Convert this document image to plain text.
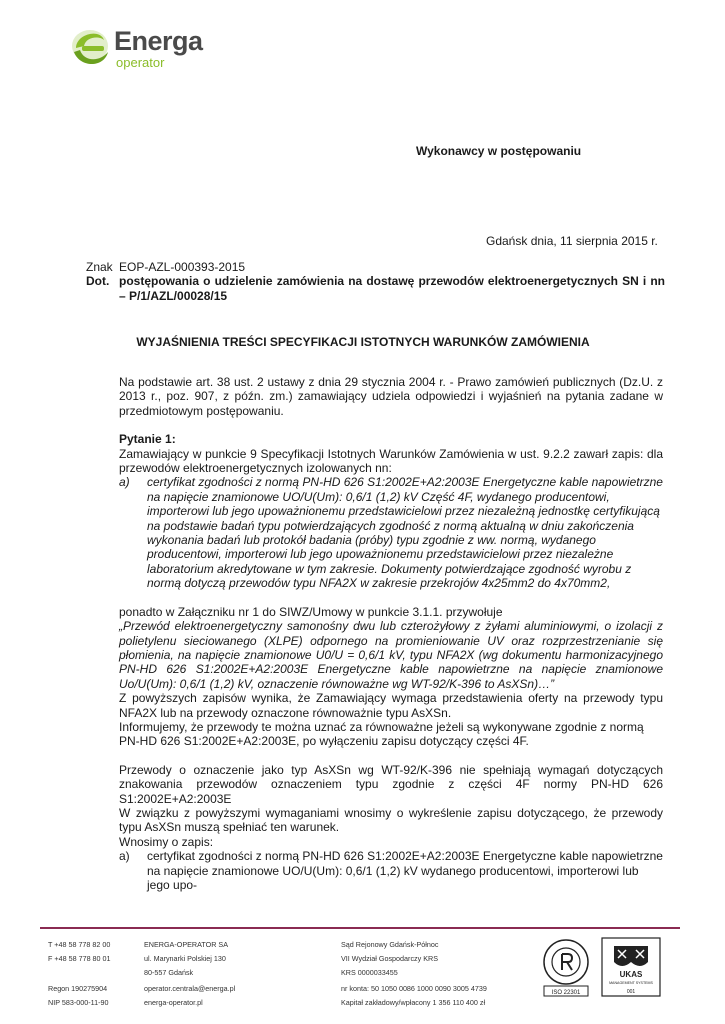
Energa
operator
Wykonawcy w postępowaniu
Gdańsk dnia, 11 sierpnia 2015 r.
Znak EOP-AZL-000393-2015
Dot. postępowania o udzielenie zamówienia na dostawę przewodów elektroenergetycznych SN i nn – P/1/AZL/00028/15
WYJAŚNIENIA TREŚCI SPECYFIKACJI ISTOTNYCH WARUNKÓW ZAMÓWIENIA

Na podstawie art. 38 ust. 2 ustawy z dnia 29 stycznia 2004 r. - Prawo zamówień publicznych (Dz.U. z 2013 r., poz. 907, z późn. zm.) zamawiający udziela odpowiedzi i wyjaśnień na pytania zadane w przedmiotowym postępowaniu.

Pytanie 1:

Zamawiający w punkcie 9 Specyfikacji Istotnych Warunków Zamówienia w ust. 9.2.2 zawarł zapis: dla przewodów elektroenergetycznych izolowanych nn:

a) certyfikat zgodności z normą PN-HD 626 S1:2002E+A2:2003E Energetyczne kable napowietrzne na napięcie znamionowe UO/U(Um): 0,6/1 (1,2) kV Część 4F, wydanego producentowi, importerowi lub jego upoważnionemu przedstawicielowi przez niezależną jednostkę certyfikującą na podstawie badań typu potwierdzających zgodność z normą aktualną w dniu zakończenia wykonania badań lub protokół badania (próby) typu zgodnie z ww. normą, wydanego producentowi, importerowi lub jego upoważnionemu przedstawicielowi przez niezależne laboratorium akredytowane w tym zakresie. Dokumenty potwierdzające zgodność wyrobu z normą dotyczą przewodów typu NFA2X w zakresie przekrojów 4x25mm2 do 4x70mm2,

ponadto w Załączniku nr 1 do SIWZ/Umowy w punkcie 3.1.1. przywołuje

„Przewód elektroenergetyczny samonośny dwu lub czterożyłowy z żyłami aluminiowymi, o izolacji z polietylenu sieciowanego (XLPE) odpornego na promieniowanie UV oraz rozprzestrzenianie się płomienia, na napięcie znamionowe U0/U = 0,6/1 kV, typu NFA2X (wg dokumentu harmonizacyjnego PN-HD 626 S1:2002E+A2:2003E Energetyczne kable napowietrzne na napięcie znamionowe Uo/U(Um): 0,6/1 (1,2) kV, oznaczenie równoważne wg WT-92/K-396 to AsXSn)…”

Z powyższych zapisów wynika, że Zamawiający wymaga przedstawienia oferty na przewody typu NFA2X lub na przewody oznaczone równoważnie typu AsXSn.

Informujemy, że przewody te można uznać za równoważne jeżeli są wykonywane zgodnie z normą PN-HD 626 S1:2002E+A2:2003E, po wyłączeniu zapisu dotyczący części 4F.

Przewody o oznaczenie jako typ AsXSn wg WT-92/K-396 nie spełniają wymagań dotyczących znakowania przewodów oznaczeniem typu zgodnie z części 4F normy PN-HD 626 S1:2002E+A2:2003E

W związku z powyższymi wymaganiami wnosimy o wykreślenie zapisu dotyczącego, że przewody typu AsXSn muszą spełniać ten warunek.

Wnosimy o zapis:

a) certyfikat zgodności z normą PN-HD 626 S1:2002E+A2:2003E Energetyczne kable napowietrzne na napięcie znamionowe UO/U(Um): 0,6/1 (1,2) kV wydanego producentowi, importerowi lub jego upo-
T +48 58 778 82 00
F +48 58 778 80 01
Regon 190275904
NIP 583-000-11-90
ENERGA-OPERATOR SA
ul. Marynarki Polskiej 130
80-557 Gdańsk
operator.centrala@energa.pl
energa-operator.pl
Sąd Rejonowy Gdańsk-Północ
VII Wydział Gospodarczy KRS
KRS 0000033455
nr konta: 50 1050 0086 1000 0090 3005 4739
Kapitał zakładowy/wpłacony 1 356 110 400 zł
ISO 22301
UKAS
MANAGEMENT SYSTEMS
001
